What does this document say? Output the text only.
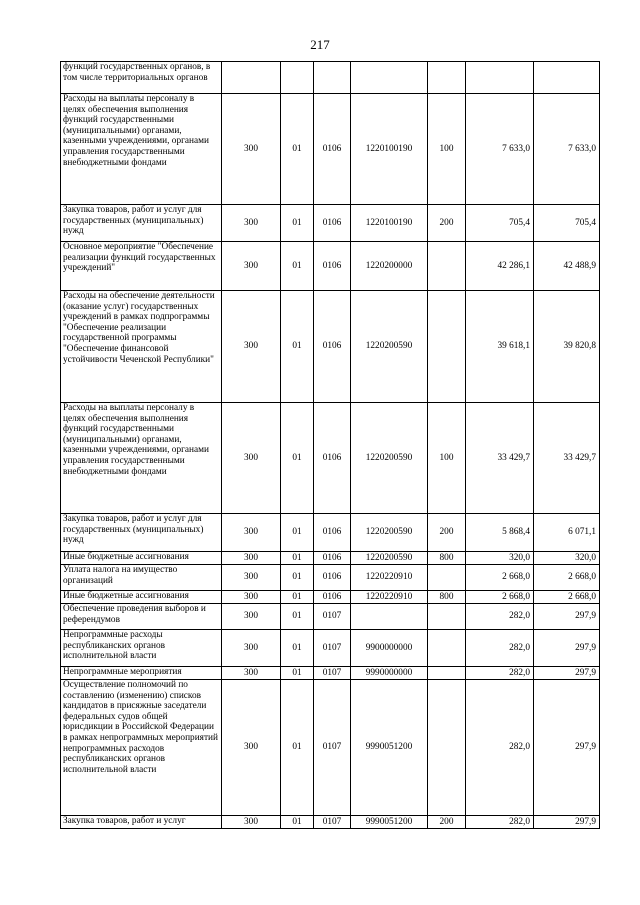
217
функций государственных органов, в том числе территориальных органов							
Расходы на выплаты персоналу в целях обеспечения выполнения функций государственными (муниципальными) органами, казенными учреждениями, органами управления государственными внебюджетными фондами	300	01	0106	1220100190	100	7 633,0	7 633,0
Закупка товаров, работ и услуг для государственных (муниципальных) нужд	300	01	0106	1220100190	200	705,4	705,4
Основное мероприятие "Обеспечение реализации функций государственных учреждений"	300	01	0106	1220200000		42 286,1	42 488,9
Расходы на обеспечение деятельности (оказание услуг) государственных учреждений в рамках подпрограммы "Обеспечение реализации государственной программы "Обеспечение финансовой устойчивости Чеченской Республики"	300	01	0106	1220200590		39 618,1	39 820,8
Расходы на выплаты персоналу в целях обеспечения выполнения функций государственными (муниципальными) органами, казенными учреждениями, органами управления государственными внебюджетными фондами	300	01	0106	1220200590	100	33 429,7	33 429,7
Закупка товаров, работ и услуг для государственных (муниципальных) нужд	300	01	0106	1220200590	200	5 868,4	6 071,1
Иные бюджетные ассигнования	300	01	0106	1220200590	800	320,0	320,0
Уплата налога на имущество организаций	300	01	0106	1220220910		2 668,0	2 668,0
Иные бюджетные ассигнования	300	01	0106	1220220910	800	2 668,0	2 668,0
Обеспечение проведения выборов и референдумов	300	01	0107			282,0	297,9
Непрограммные расходы республиканских органов исполнительной власти	300	01	0107	9900000000		282,0	297,9
Непрограммные мероприятия	300	01	0107	9990000000		282,0	297,9
Осуществление полномочий по составлению (изменению) списков кандидатов в присяжные заседатели федеральных судов общей юрисдикции в Российской Федерации в рамках непрограммных мероприятий непрограммных расходов республиканских органов исполнительной власти	300	01	0107	9990051200		282,0	297,9
Закупка товаров, работ и услуг	300	01	0107	9990051200	200	282,0	297,9
